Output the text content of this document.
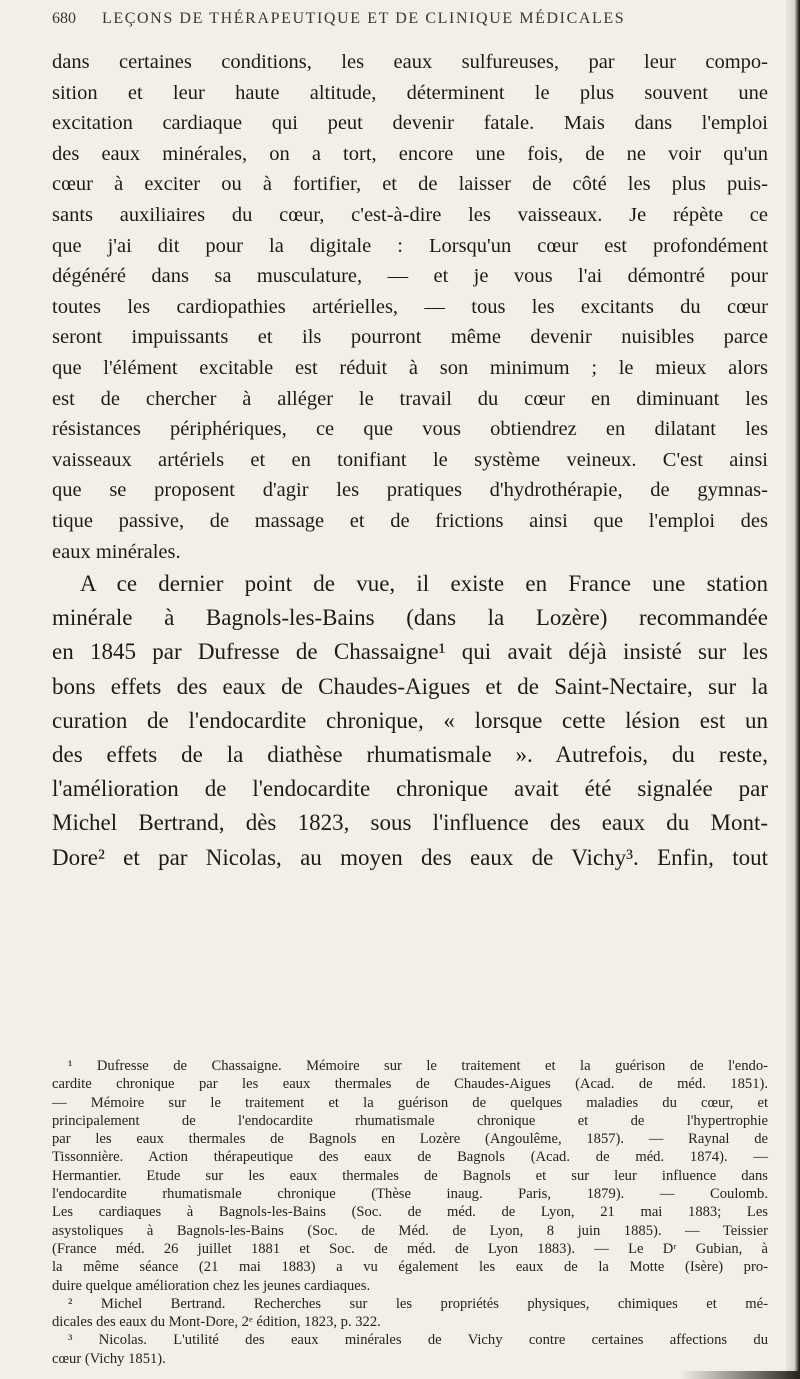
680 LEÇONS DE THÉRAPEUTIQUE ET DE CLINIQUE MÉDICALES
dans certaines conditions, les eaux sulfureuses, par leur compo-
sition et leur haute altitude, déterminent le plus souvent une
excitation cardiaque qui peut devenir fatale. Mais dans l'emploi
des eaux minérales, on a tort, encore une fois, de ne voir qu'un
cœur à exciter ou à fortifier, et de laisser de côté les plus puis-
sants auxiliaires du cœur, c'est-à-dire les vaisseaux. Je répète ce
que j'ai dit pour la digitale : Lorsqu'un cœur est profondément
dégénéré dans sa musculature, — et je vous l'ai démontré pour
toutes les cardiopathies artérielles, — tous les excitants du cœur
seront impuissants et ils pourront même devenir nuisibles parce
que l'élément excitable est réduit à son minimum ; le mieux alors
est de chercher à alléger le travail du cœur en diminuant les
résistances périphériques, ce que vous obtiendrez en dilatant les
vaisseaux artériels et en tonifiant le système veineux. C'est ainsi
que se proposent d'agir les pratiques d'hydrothérapie, de gymnas-
tique passive, de massage et de frictions ainsi que l'emploi des
eaux minérales.
A ce dernier point de vue, il existe en France une station
minérale à Bagnols-les-Bains (dans la Lozère) recommandée
en 1845 par Dufresse de Chassaigne¹ qui avait déjà insisté sur les
bons effets des eaux de Chaudes-Aigues et de Saint-Nectaire, sur la
curation de l'endocardite chronique, « lorsque cette lésion est un
des effets de la diathèse rhumatismale ». Autrefois, du reste,
l'amélioration de l'endocardite chronique avait été signalée par
Michel Bertrand, dès 1823, sous l'influence des eaux du Mont-
Dore² et par Nicolas, au moyen des eaux de Vichy³. Enfin, tout
¹ Dufresse de Chassaigne. Mémoire sur le traitement et la guérison de l'endo-
cardite chronique par les eaux thermales de Chaudes-Aigues (Acad. de méd. 1851).
— Mémoire sur le traitement et la guérison de quelques maladies du cœur, et
principalement de l'endocardite rhumatismale chronique et de l'hypertrophie
par les eaux thermales de Bagnols en Lozère (Angoulême, 1857). — Raynal de
Tissonnière. Action thérapeutique des eaux de Bagnols (Acad. de méd. 1874). —
Hermantier. Etude sur les eaux thermales de Bagnols et sur leur influence dans
l'endocardite rhumatismale chronique (Thèse inaug. Paris, 1879). — Coulomb.
Les cardiaques à Bagnols-les-Bains (Soc. de méd. de Lyon, 21 mai 1883; Les
asystoliques à Bagnols-les-Bains (Soc. de Méd. de Lyon, 8 juin 1885). — Teissier
(France méd. 26 juillet 1881 et Soc. de méd. de Lyon 1883). — Le Dʳ Gubian, à
la même séance (21 mai 1883) a vu également les eaux de la Motte (Isère) pro-
duire quelque amélioration chez les jeunes cardiaques.
² Michel Bertrand. Recherches sur les propriétés physiques, chimiques et mé-
dicales des eaux du Mont-Dore, 2ᵉ édition, 1823, p. 322.
³ Nicolas. L'utilité des eaux minérales de Vichy contre certaines affections du
cœur (Vichy 1851).
